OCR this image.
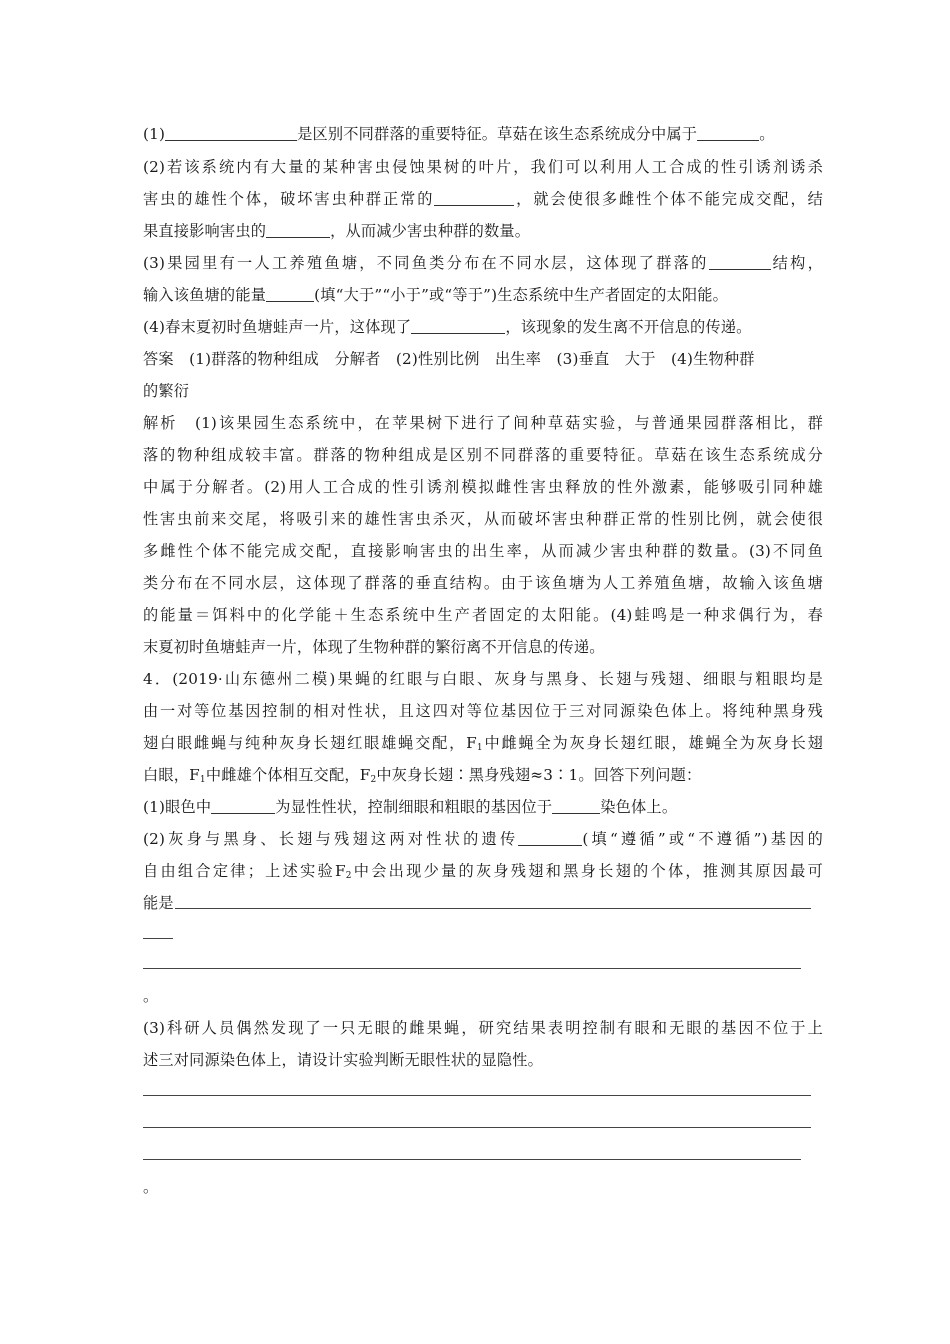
(1)	是区别不同群落的重要特征。草菇在该生态系统成分中属于	。
(2)若该系统内有大量的某种害虫侵蚀果树的叶片，我们可以利用人工合成的性引诱剂诱杀
害虫的雄性个体，破坏害虫种群正常的	，就会使很多雌性个体不能完成交配，结
果直接影响害虫的	，从而减少害虫种群的数量。
(3)果园里有一人工养殖鱼塘，不同鱼类分布在不同水层，这体现了群落的	结构，
输入该鱼塘的能量	(填“大于”“小于”或“等于”)生态系统中生产者固定的太阳能。
(4)春末夏初时鱼塘蛙声一片，这体现了	，该现象的发生离不开信息的传递。
答案　 (1)群落的物种组成　分解者　(2)性别比例　出生率　(3)垂直　大于　(4)生物种群
的繁衍
解析　 (1)该果园生态系统中，在苹果树下进行了间种草菇实验，与普通果园群落相比，群
落的物种组成较丰富。群落的物种组成是区别不同群落的重要特征。草菇在该生态系统成分
中属于分解者。(2)用人工合成的性引诱剂模拟雌性害虫释放的性外激素，能够吸引同种雄
性害虫前来交尾，将吸引来的雄性害虫杀灭，从而破坏害虫种群正常的性别比例，就会使很
多雌性个体不能完成交配，直接影响害虫的出生率，从而减少害虫种群的数量。(3)不同鱼
类分布在不同水层，这体现了群落的垂直结构。由于该鱼塘为人工养殖鱼塘，故输入该鱼塘
的能量＝饵料中的化学能＋生态系统中生产者固定的太阳能。(4)蛙鸣是一种求偶行为，春
末夏初时鱼塘蛙声一片，体现了生物种群的繁衍离不开信息的传递。
4．(2019·山东德州二模)果蝇的红眼与白眼、灰身与黑身、长翅与残翅、细眼与粗眼均是
由一对等位基因控制的相对性状，且这四对等位基因位于三对同源染色体上。将纯种黑身残
翅白眼雌蝇与纯种灰身长翅红眼雄蝇交配，$F_1$中雌蝇全为灰身长翅红眼，雄蝇全为灰身长翅
白眼，$F_1$中雌雄个体相互交配，$F_2$中灰身长翅∶黑身残翅≈3∶1。回答下列问题：
(1)眼色中	为显性性状，控制细眼和粗眼的基因位于	染色体上。
(2)灰身与黑身、长翅与残翅这两对性状的遗传	(填“遵循”或“不遵循”)基因的
自由组合定律；上述实验$F_2$中会出现少量的灰身残翅和黑身长翅的个体，推测其原因最可
能是
。
(3)科研人员偶然发现了一只无眼的雌果蝇，研究结果表明控制有眼和无眼的基因不位于上
述三对同源染色体上，请设计实验判断无眼性状的显隐性。
。
